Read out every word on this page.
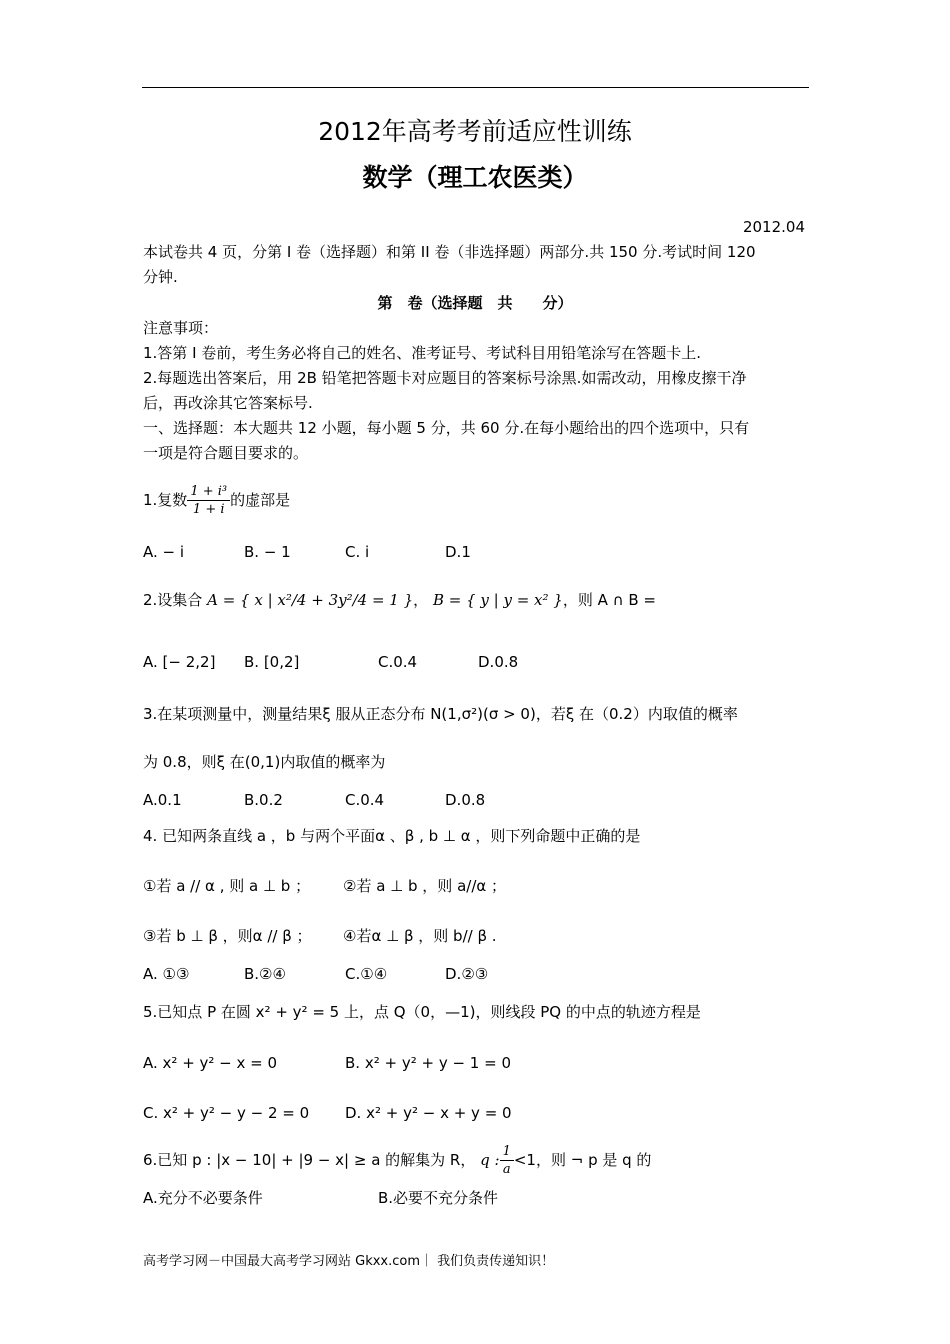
2012年高考考前适应性训练
数学（理工农医类）
2012.04
本试卷共 4 页，分第 I 卷（选择题）和第 II 卷（非选择题）两部分.共 150 分.考试时间 120
分钟.
第　卷（选择题　共　　分）
注意事项：
1.答第 I 卷前，考生务必将自己的姓名、准考证号、考试科目用铅笔涂写在答题卡上.
2.每题选出答案后，用 2B 铅笔把答题卡对应题目的答案标号涂黑.如需改动，用橡皮擦干净
后，再改涂其它答案标号.
一、选择题：本大题共 12 小题，每小题 5 分，共 60 分.在每小题给出的四个选项中，只有
一项是符合题目要求的。
1.复数 $\frac{\text{1 + i³}}{1 + i}$ 的虚部是
A. − i	B. − 1	C. i	D.1
2.设集合 A = { x | x²/4 + 3y²/4 = 1 }， B = { y | y = x² }，则 A ∩ B =
A. [− 2,2] B. [0,2]	C.0.4	D.0.8
3.在某项测量中，测量结果ξ 服从正态分布 N(1,σ²)(σ > 0)，若ξ 在（0.2）内取值的概率
为 0.8，则ξ 在(0,1)内取值的概率为
A.0.1	B.0.2	C.0.4	D.0.8
4. 已知两条直线 a ，b 与两个平面α 、β , b ⊥ α ，则下列命题中正确的是
①若 a // α , 则 a ⊥ b ； ②若 a ⊥ b ，则 a//α ；
③若 b ⊥ β ，则α // β ； ④若α ⊥ β ，则 b// β .
A. ①③	B.②④	C.①④	D.②③
5.已知点 P 在圆 x² + y² = 5 上，点 Q（0，—1)，则线段 PQ 的中点的轨迹方程是
A. x² + y² − x = 0	B. x² + y² + y − 1 = 0
C. x² + y² − y − 2 = 0 D. x² + y² − x + y = 0
6.已知 p : |x − 10| + |9 − x| ≥ a 的解集为 R， q : $\frac{1}{a} <1$，则 ¬ p 是 q 的
A.充分不必要条件	B.必要不充分条件
高考学习网－中国最大高考学习网站 Gkxx.com｜ 我们负责传递知识！
